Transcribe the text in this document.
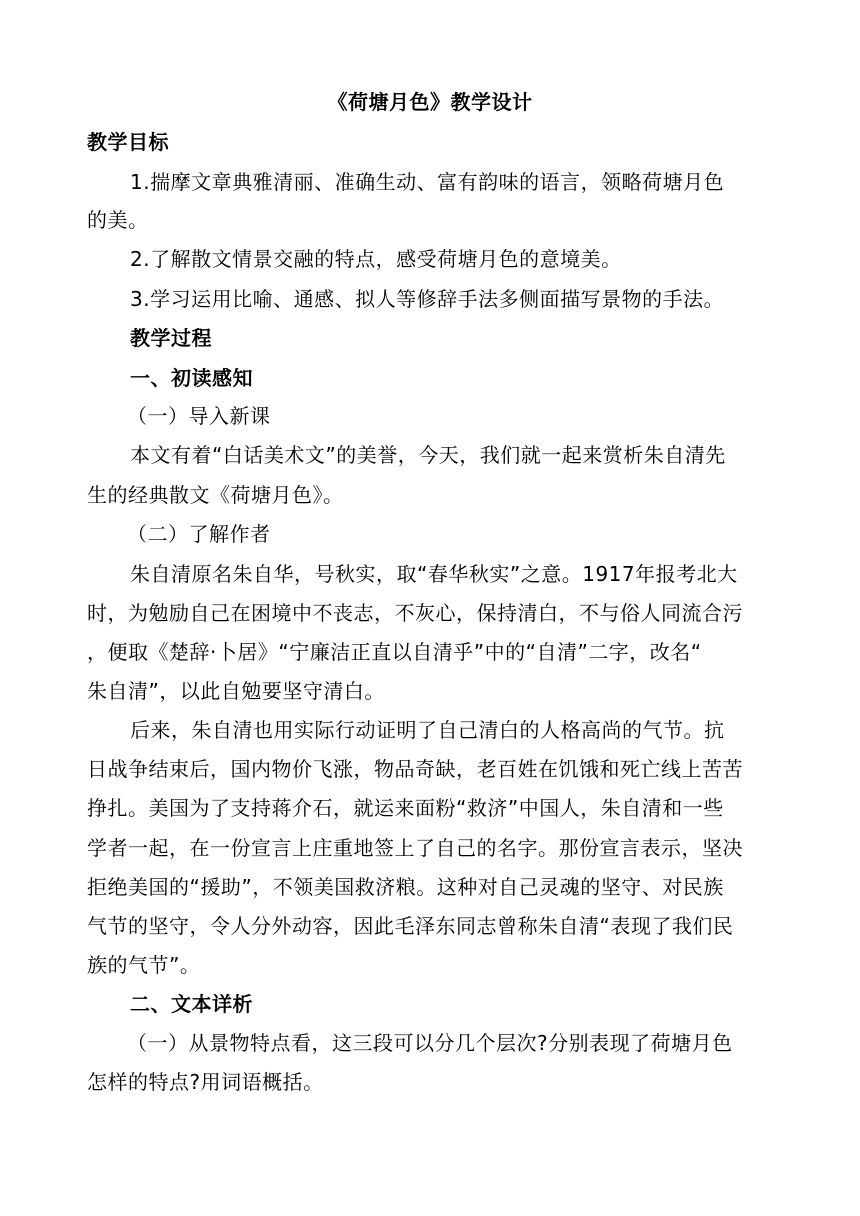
《荷塘月色》教学设计
教学目标
1.揣摩文章典雅清丽、准确生动、富有韵味的语言，领略荷塘月色
的美。
2.了解散文情景交融的特点，感受荷塘月色的意境美。
3.学习运用比喻、通感、拟人等修辞手法多侧面描写景物的手法。
教学过程
一、初读感知
（一）导入新课
本文有着“白话美术文”的美誉，今天，我们就一起来赏析朱自清先
生的经典散文《荷塘月色》。
（二）了解作者
朱自清原名朱自华，号秋实，取“春华秋实”之意。1917年报考北大
时，为勉励自己在困境中不丧志，不灰心，保持清白，不与俗人同流合污
，便取《楚辞·卜居》“宁廉洁正直以自清乎”中的“自清”二字，改名“
朱自清”，以此自勉要坚守清白。
后来，朱自清也用实际行动证明了自己清白的人格高尚的气节。抗
日战争结束后，国内物价飞涨，物品奇缺，老百姓在饥饿和死亡线上苦苦
挣扎。美国为了支持蒋介石，就运来面粉“救济”中国人，朱自清和一些
学者一起，在一份宣言上庄重地签上了自己的名字。那份宣言表示，坚决
拒绝美国的“援助”，不领美国救济粮。这种对自己灵魂的坚守、对民族
气节的坚守，令人分外动容，因此毛泽东同志曾称朱自清“表现了我们民
族的气节”。
二、文本详析
（一）从景物特点看，这三段可以分几个层次?分别表现了荷塘月色
怎样的特点?用词语概括。
